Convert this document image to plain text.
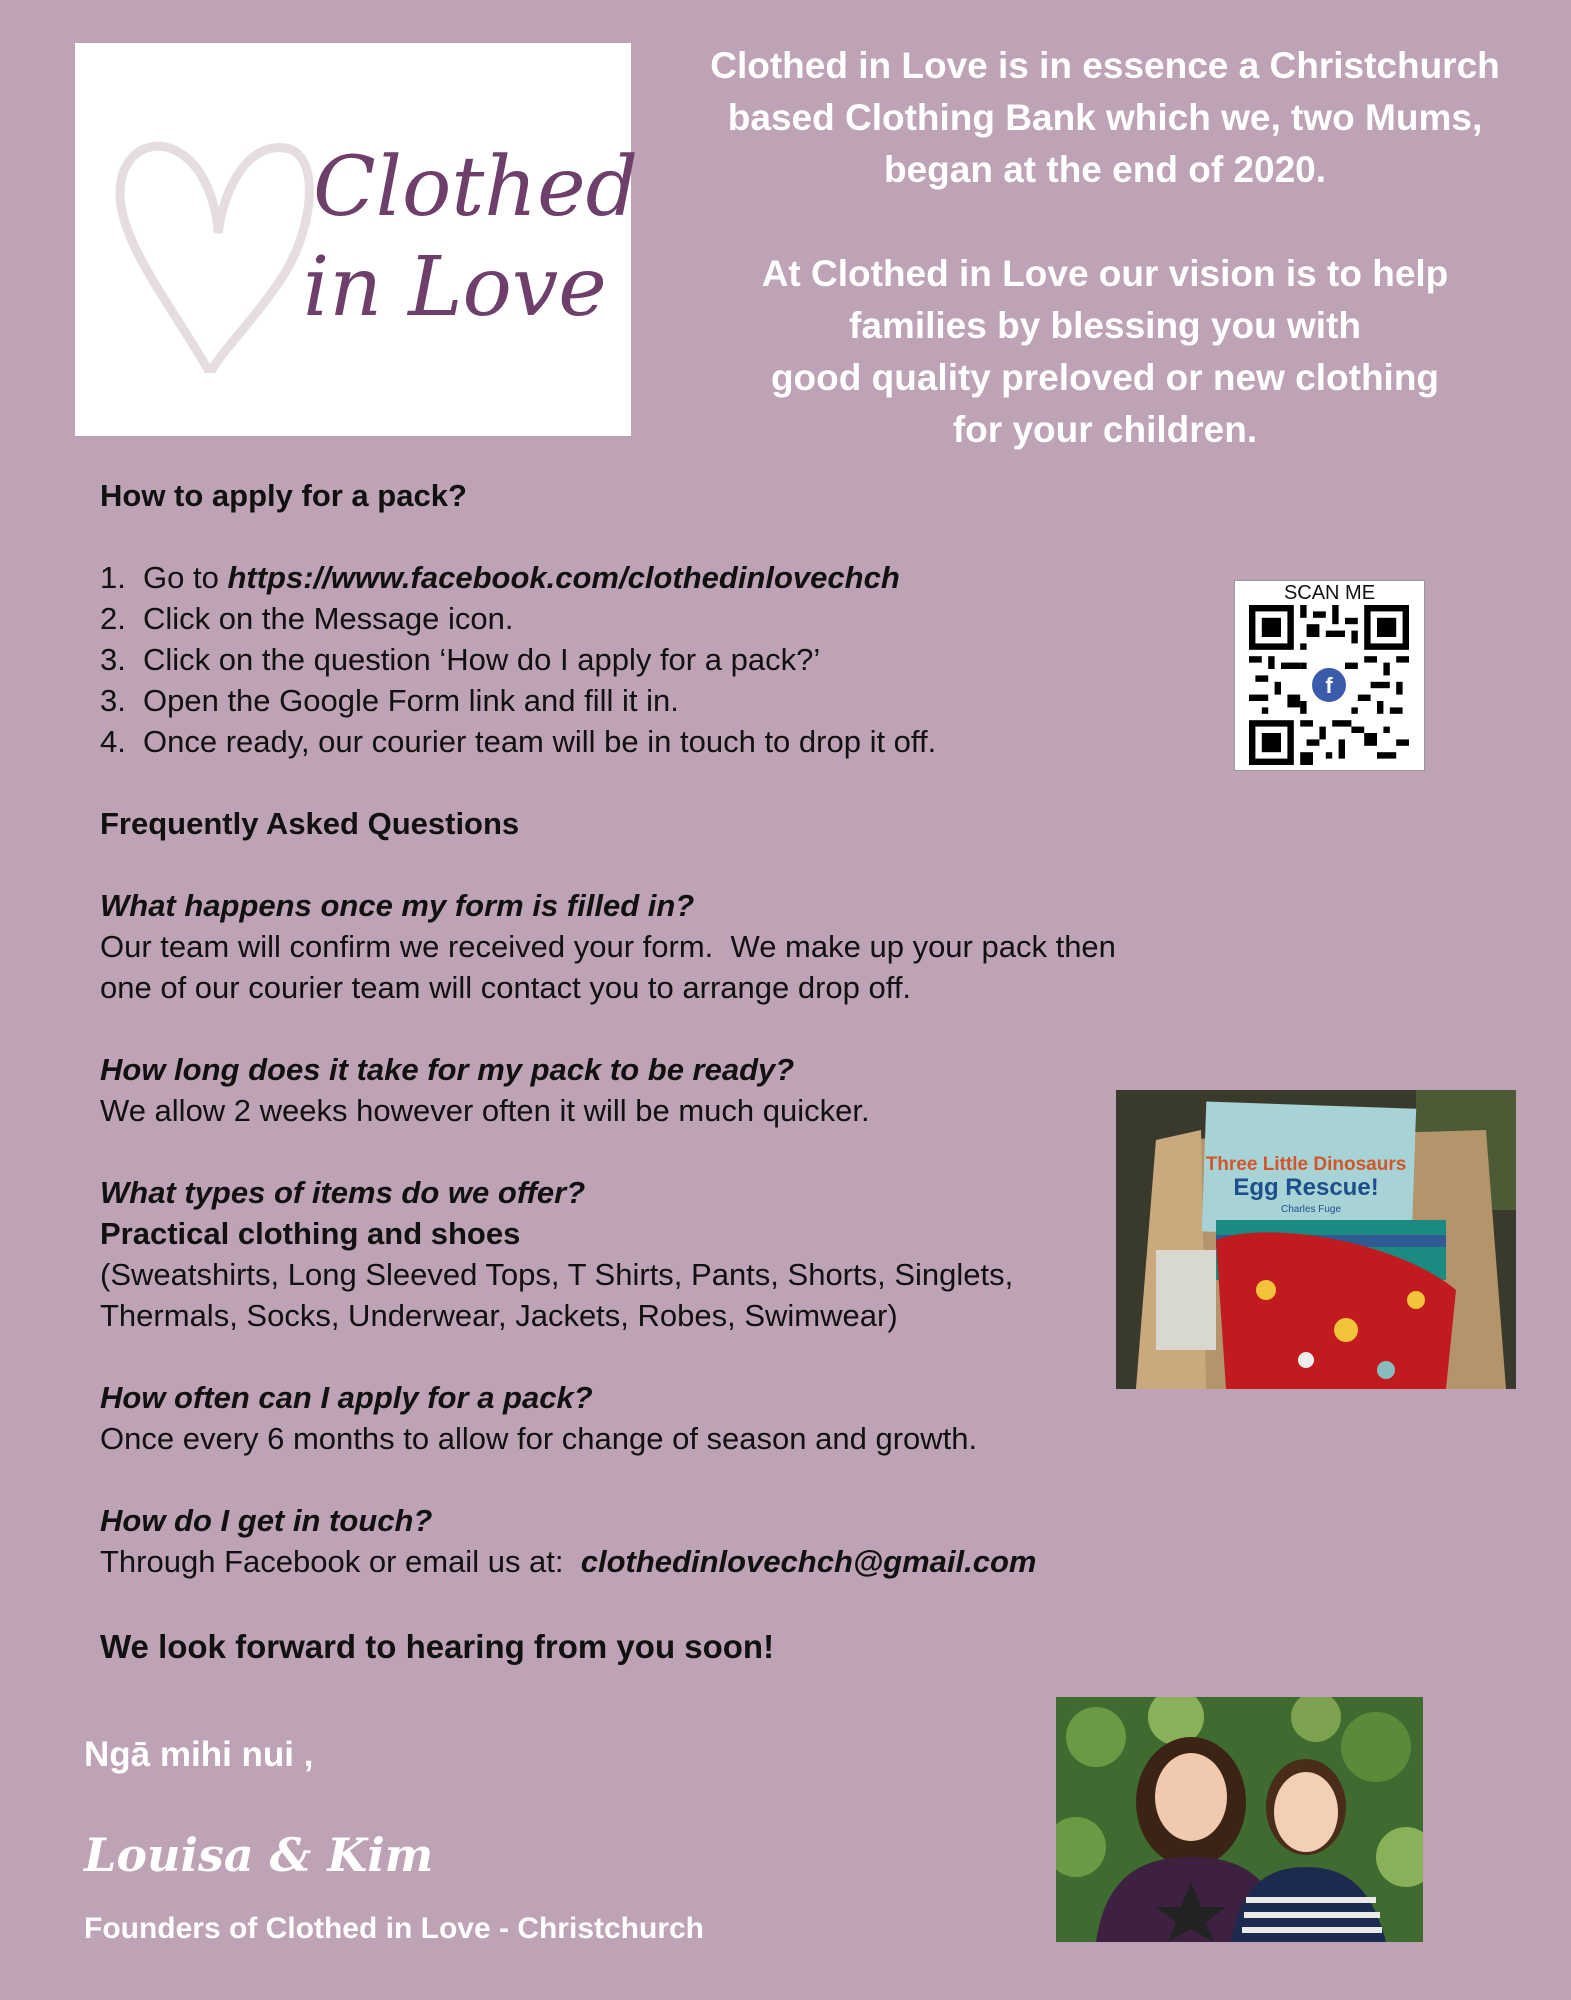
Clothed
in Love

Clothed in Love is in essence a Christchurch
based Clothing Bank which we, two Mums,
began at the end of 2020.

At Clothed in Love our vision is to help
families by blessing you with
good quality preloved or new clothing
for your children.

How to apply for a pack?
1. Go to https://www.facebook.com/clothedinlovechch
2. Click on the Message icon.
3. Click on the question ‘How do I apply for a pack?’
3. Open the Google Form link and fill it in.
4. Once ready, our courier team will be in touch to drop it off.
Frequently Asked Questions

What happens once my form is filled in?

Our team will confirm we received your form.  We make up your pack then

one of our courier team will contact you to arrange drop off.

How long does it take for my pack to be ready?

We allow 2 weeks however often it will be much quicker.

What types of items do we offer?

Practical clothing and shoes

(Sweatshirts, Long Sleeved Tops, T Shirts, Pants, Shorts, Singlets,

Thermals, Socks, Underwear, Jackets, Robes, Swimwear)

How often can I apply for a pack?

Once every 6 months to allow for change of season and growth.

How do I get in touch?

Through Facebook or email us at:  clothedinlovechch@gmail.com

We look forward to hearing from you soon!

SCAN ME
f
Three Little Dinosaurs
Egg Rescue!
Charles Fuge
Ngā mihi nui ,
Louisa & Kim
Founders of Clothed in Love - Christchurch
